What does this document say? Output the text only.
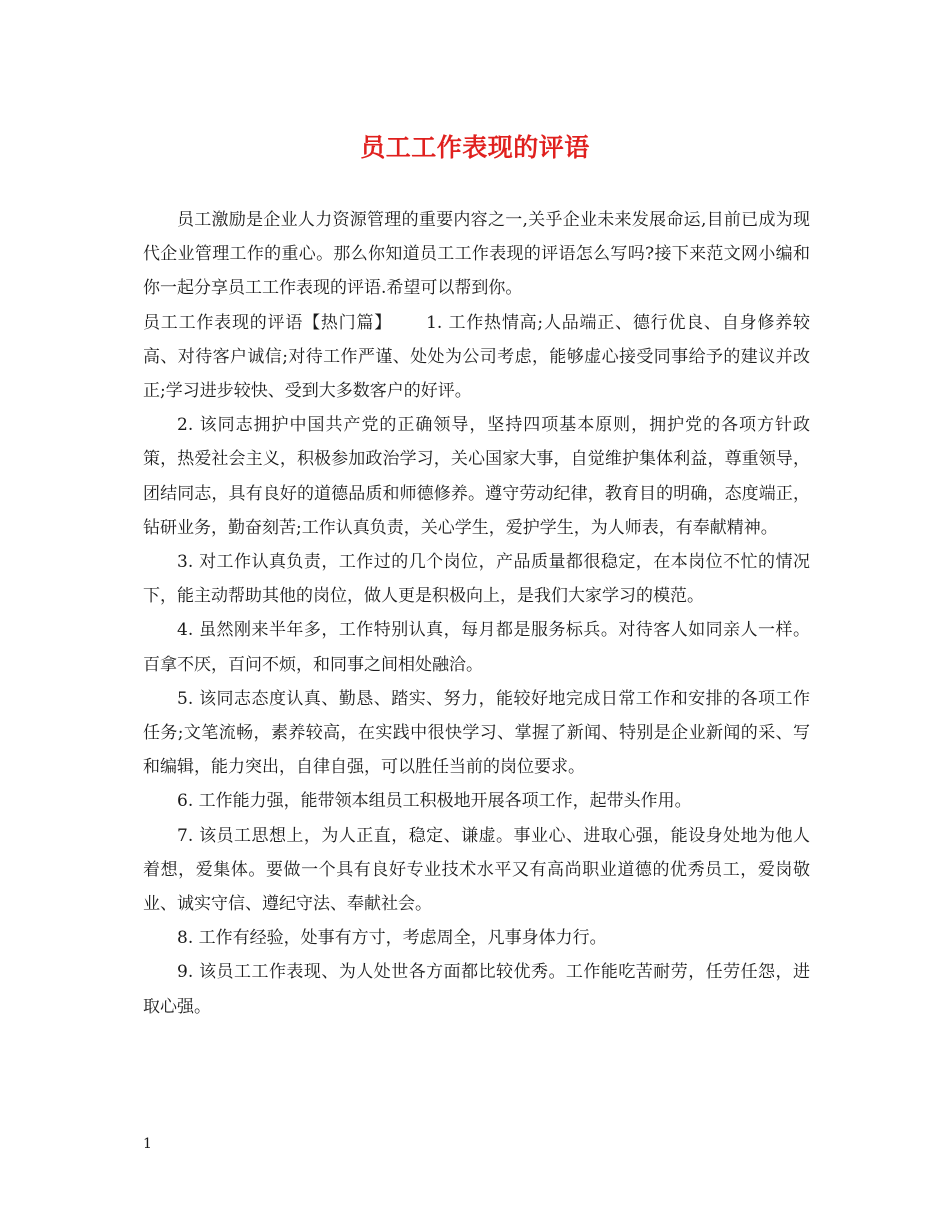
员工工作表现的评语

员工激励是企业人力资源管理的重要内容之一,关乎企业未来发展命运,目前已成为现代企业管理工作的重心。那么你知道员工工作表现的评语怎么写吗?接下来范文网小编和你一起分享员工工作表现的评语.希望可以帮到你。

员工工作表现的评语【热门篇】 1. 工作热情高;人品端正、德行优良、自身修养较高、对待客户诚信;对待工作严谨、处处为公司考虑，能够虚心接受同事给予的建议并改正;学习进步较快、受到大多数客户的好评。

2. 该同志拥护中国共产党的正确领导，坚持四项基本原则，拥护党的各项方针政策，热爱社会主义，积极参加政治学习，关心国家大事，自觉维护集体利益，尊重领导，团结同志，具有良好的道德品质和师德修养。遵守劳动纪律，教育目的明确，态度端正，钻研业务，勤奋刻苦;工作认真负责，关心学生，爱护学生，为人师表，有奉献精神。

3. 对工作认真负责，工作过的几个岗位，产品质量都很稳定，在本岗位不忙的情况下，能主动帮助其他的岗位，做人更是积极向上，是我们大家学习的模范。

4. 虽然刚来半年多，工作特别认真，每月都是服务标兵。对待客人如同亲人一样。百拿不厌，百问不烦，和同事之间相处融洽。

5. 该同志态度认真、勤恳、踏实、努力，能较好地完成日常工作和安排的各项工作任务;文笔流畅，素养较高，在实践中很快学习、掌握了新闻、特别是企业新闻的采、写和编辑，能力突出，自律自强，可以胜任当前的岗位要求。

6. 工作能力强，能带领本组员工积极地开展各项工作，起带头作用。

7. 该员工思想上，为人正直，稳定、谦虚。事业心、进取心强，能设身处地为他人着想，爱集体。要做一个具有良好专业技术水平又有高尚职业道德的优秀员工，爱岗敬业、诚实守信、遵纪守法、奉献社会。

8. 工作有经验，处事有方寸，考虑周全，凡事身体力行。

9. 该员工工作表现、为人处世各方面都比较优秀。工作能吃苦耐劳，任劳任怨，进取心强。

1
